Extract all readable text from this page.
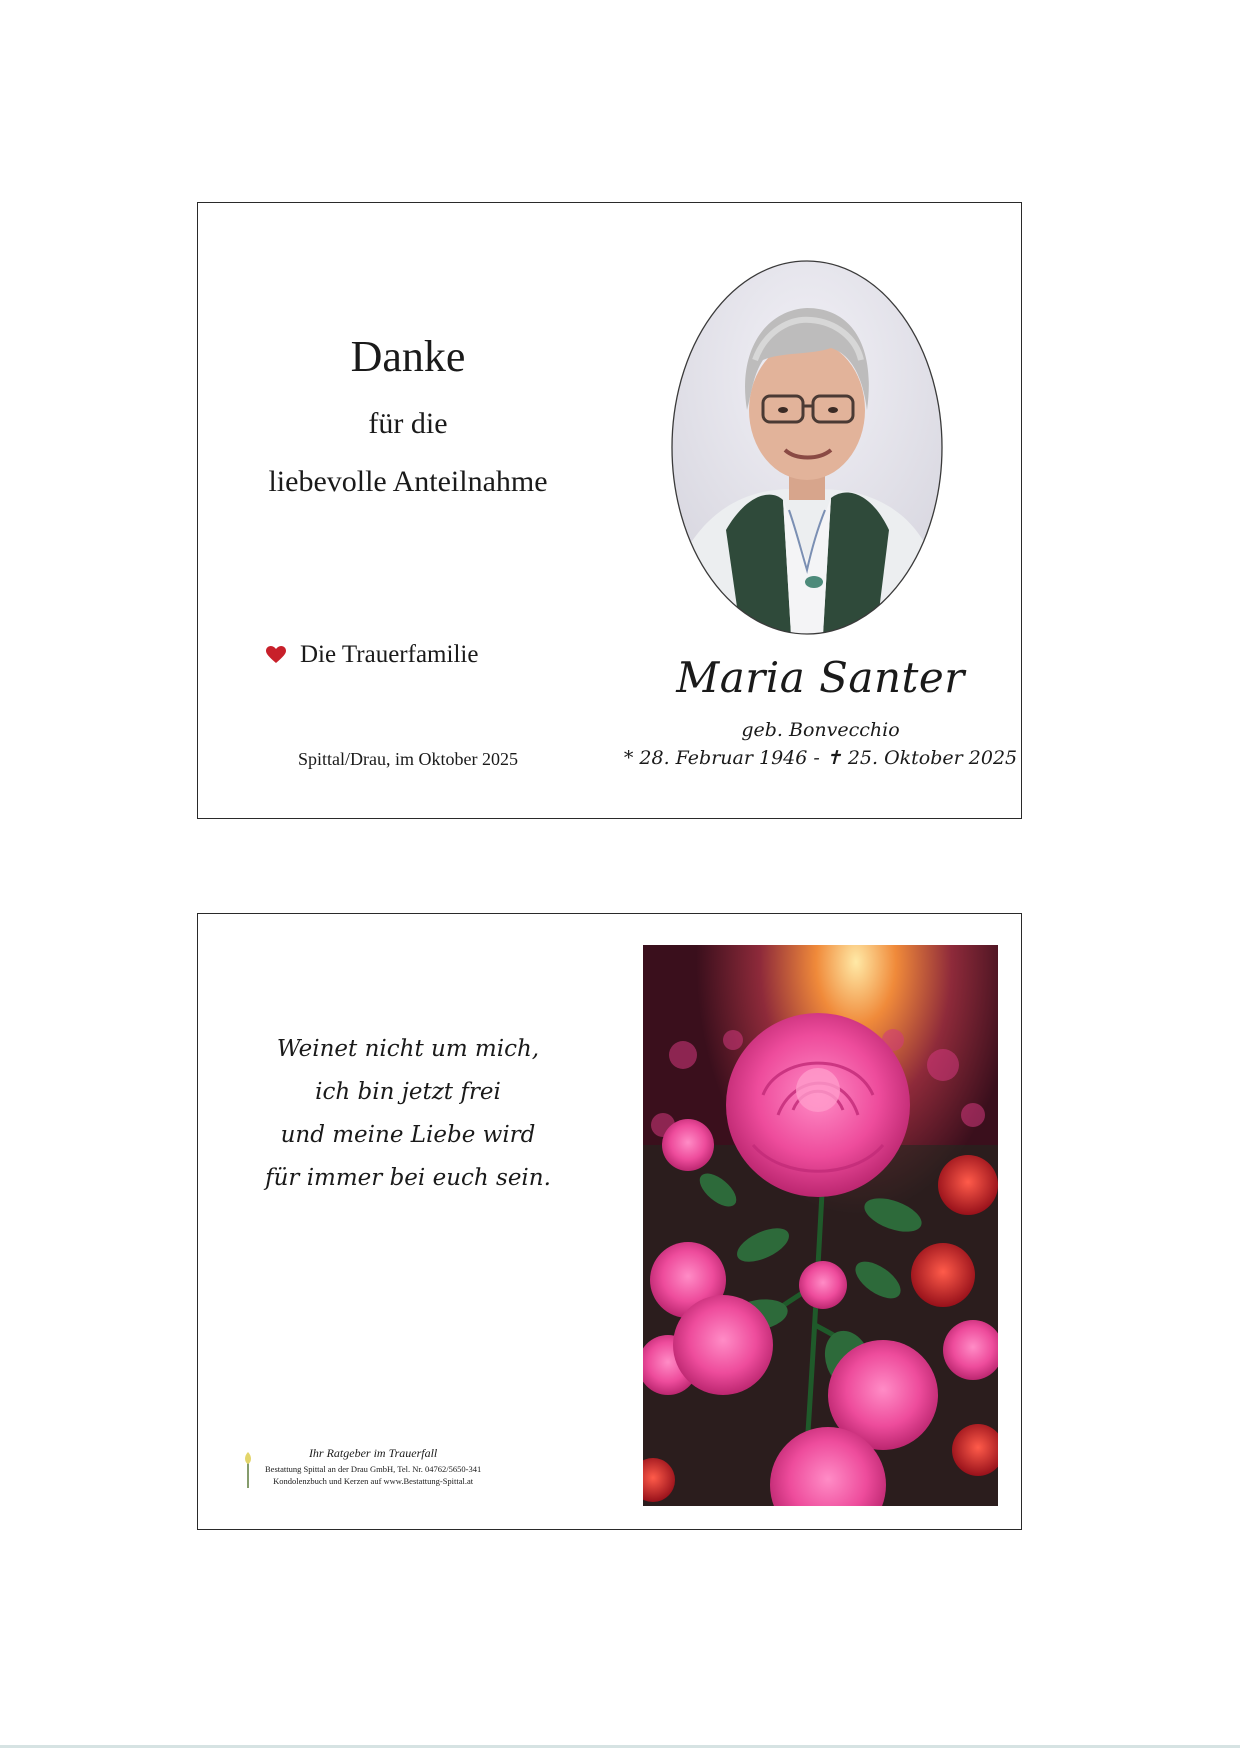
Danke
für die
liebevolle Anteilnahme
Die Trauerfamilie
Spittal/Drau, im Oktober 2025
Maria Santer
geb. Bonvecchio
* 28. Februar 1946 - ✝ 25. Oktober 2025
Weinet nicht um mich,
ich bin jetzt frei
und meine Liebe wird
für immer bei euch sein.
Ihr Ratgeber im Trauerfall
Bestattung Spittal an der Drau GmbH, Tel. Nr. 04762/5650-341
Kondolenzbuch und Kerzen auf www.Bestattung-Spittal.at
